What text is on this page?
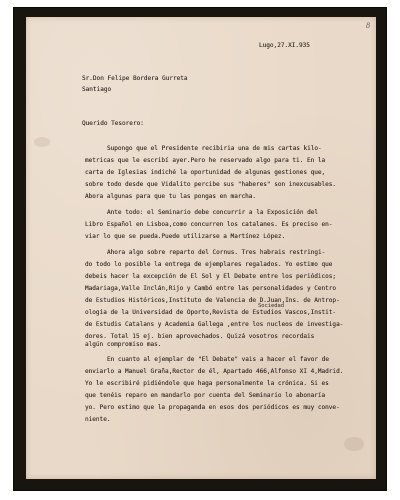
8
Lugo,27.XI.935
Sr.Don Felipe Bordera Gurreta
Santiago
Querido Tesorero:
Supongo que el Presidente recibiria una de mis cartas kilo-
metricas que le escribí ayer.Pero he reservado algo para ti. En la
carta de Iglesias indiché la oportunidad de algunas gestiones que,
sobre todo desde que Vidalito percibe sus "haberes" son inexcusables.
Abora algunas para que tu las pongas en marcha.
Ante todo: el Seminario debe concurrir a la Exposición del
Libro Español en Lisboa,como concurren los catalanes. Es preciso en-
viar lo que se pueda.Puede utilizarse a Martínez López.
Ahora algo sobre reparto del Cornus. Tres habrais restringi-
do todo lo posible la entrega de ejemplares regalados. Yo estimo que
debeis hacer la excepción de El Sol y El Debate entre los periódicos;
Madariaga,Valle Inclán,Rijo y Cambó entre las personalidades y Centro
de Estudios Históricos,Instituto de Valencia de D.Juan,Ins. de Antrop-
ología de la Universidad de Oporto,Revista de Estudios Vascos,Instit-
de Estudis Catalans y Academia Gallega ,entre los nucleos de investiga-
dores. Total 15 ej. bien aprovechados. Quizá vosotros recordais
algún compromiso mas.
En cuanto al ejemplar de "El Debate" vais a hacer el favor de
enviarlo a Manuel Graña,Rector de él, Apartado 466,Alfonso XI 4,Madrid.
Yo le escribiré pidiéndole que haga personalmente la crónica. Si es
que tenéis reparo en mandarlo por cuenta del Seminario lo abonaría
yo. Pero estimo que la propaganda en esos dos periódicos es muy conve-
niente.
Sociedad
